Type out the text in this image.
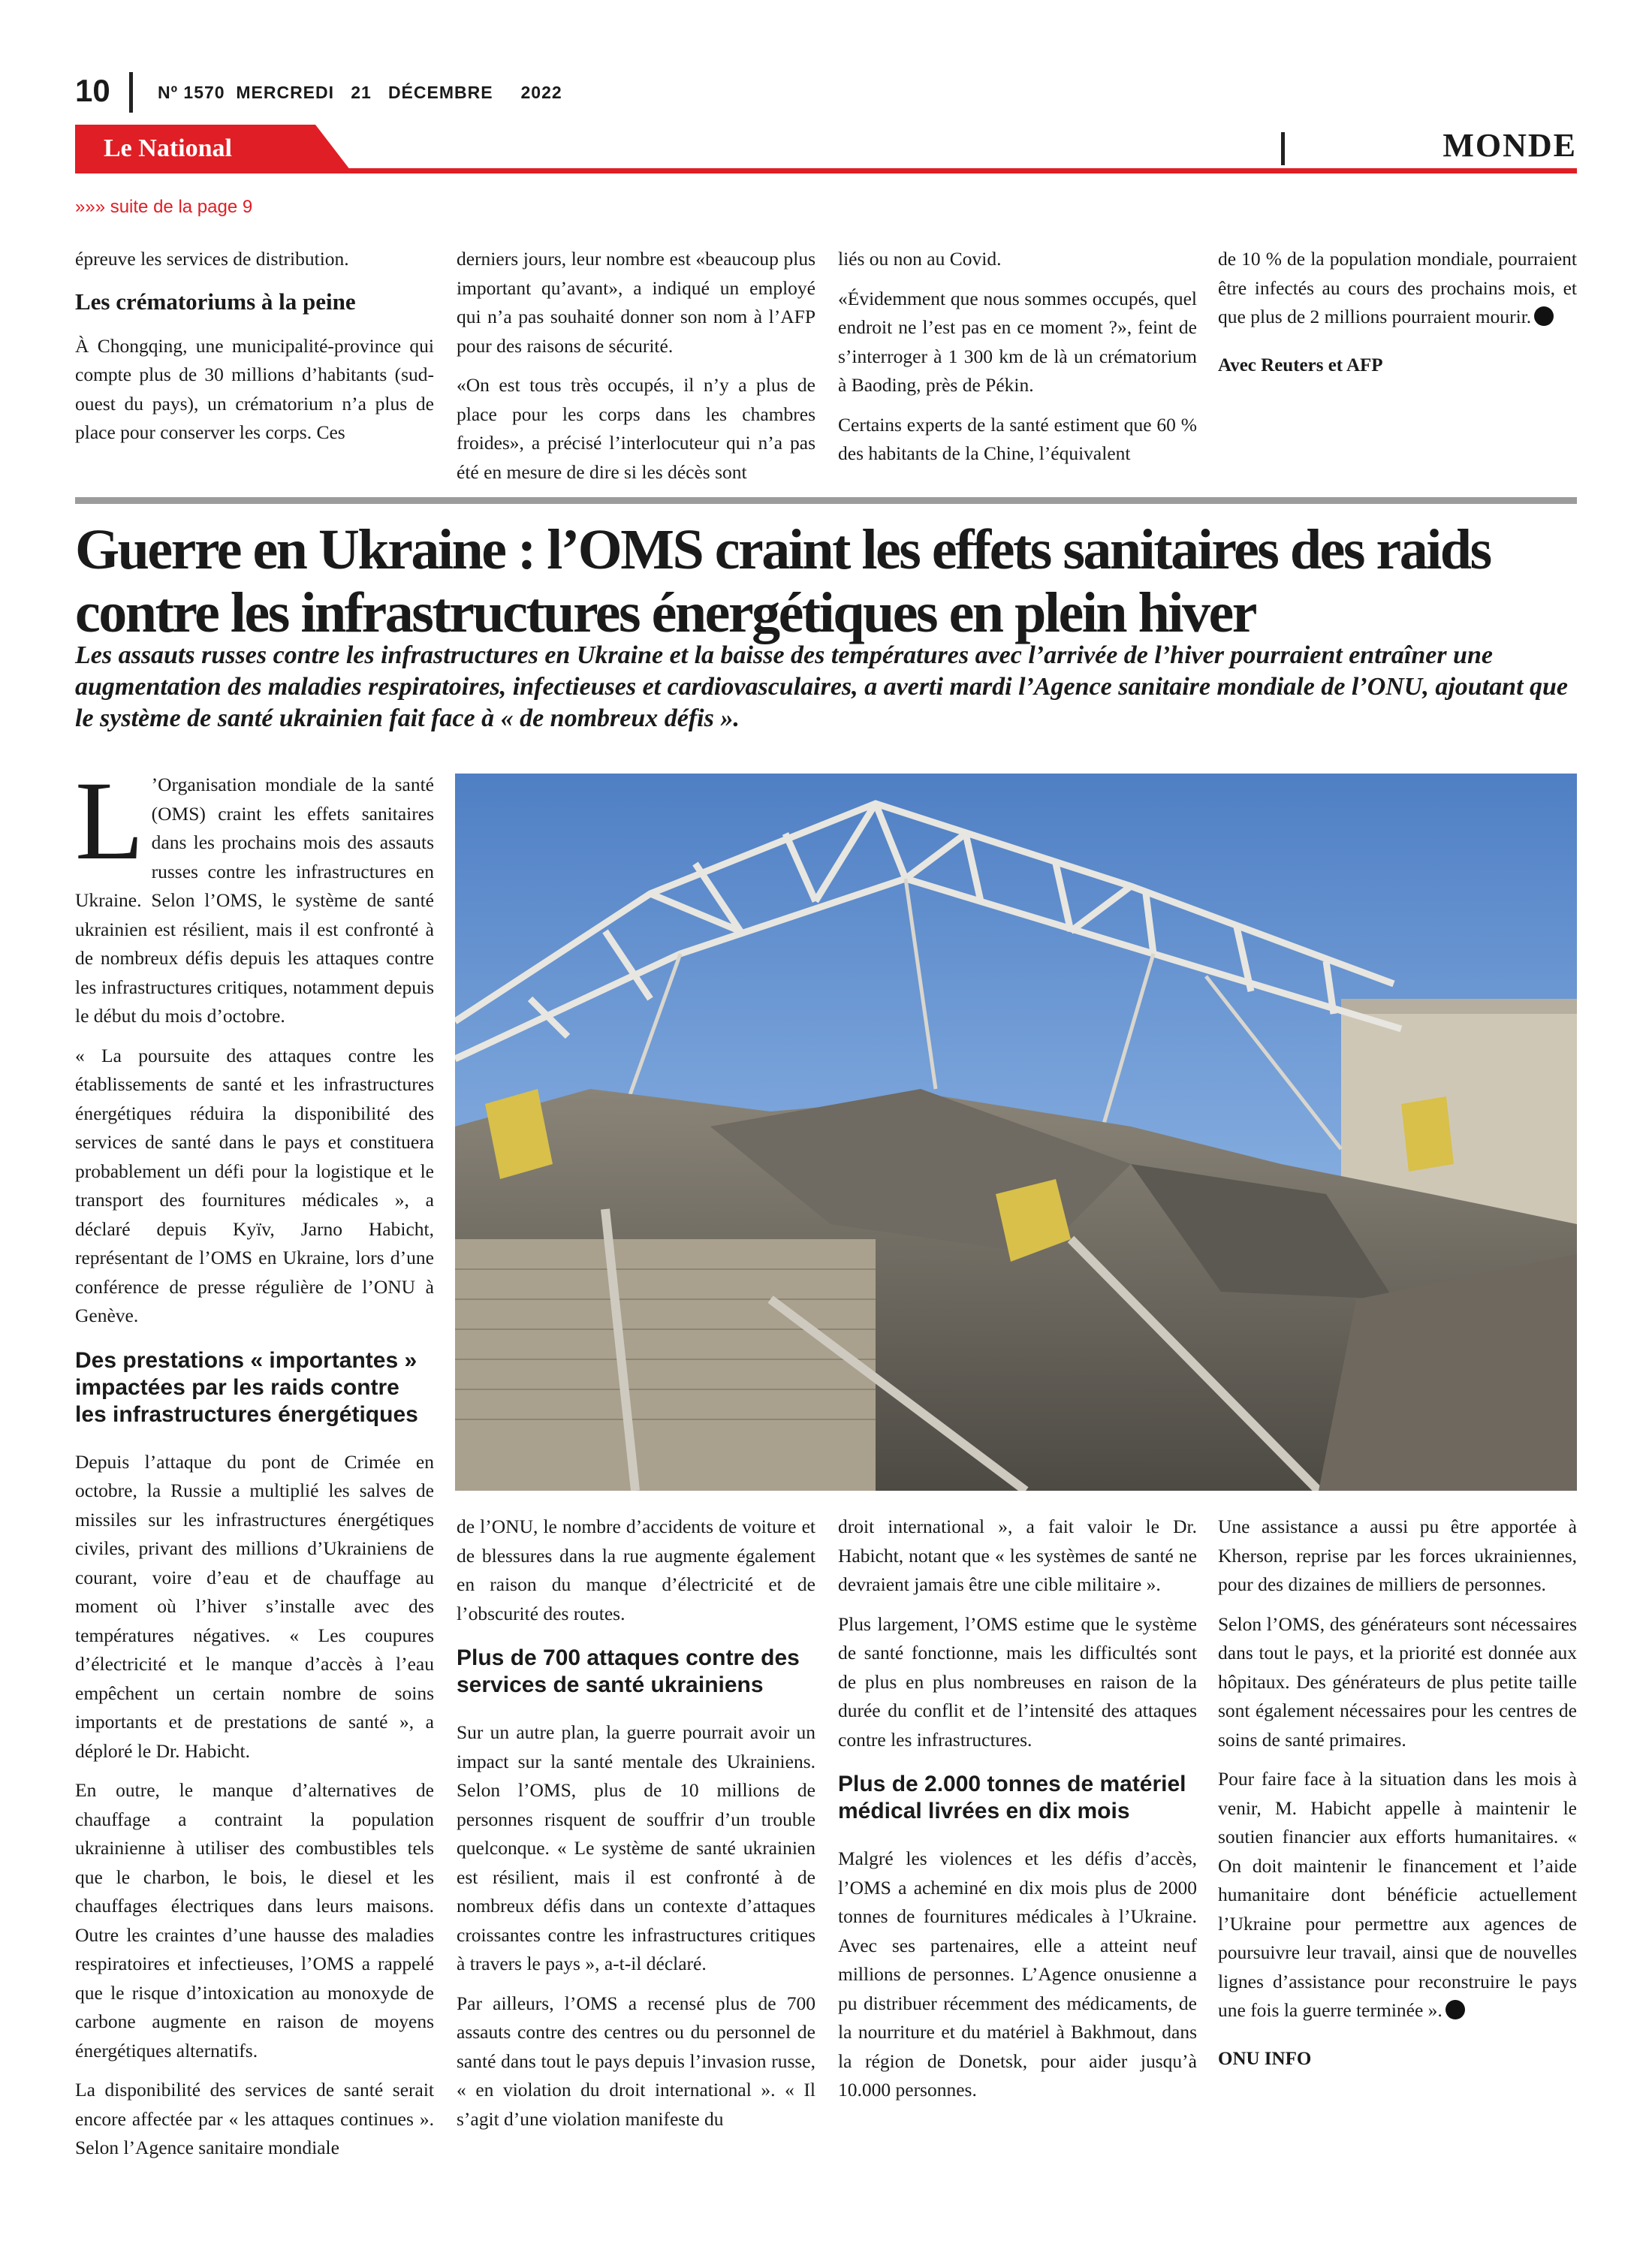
10	Nº 1570  MERCREDI   21   DÉCEMBRE     2022
Le National	MONDE
»»» suite de la page 9

épreuve les services de distribution.

Les crématoriums à la peine

À Chongqing, une municipalité-province qui compte plus de 30 millions d’habitants (sud-ouest du pays), un crématorium n’a plus de place pour conserver les corps. Ces

derniers jours, leur nombre est «beaucoup plus important qu’avant», a indiqué un employé qui n’a pas souhaité donner son nom à l’AFP pour des raisons de sécurité.

«On est tous très occupés, il n’y a plus de place pour les corps dans les chambres froides», a précisé l’interlocuteur qui n’a pas été en mesure de dire si les décès sont

liés ou non au Covid.

«Évidemment que nous sommes occupés, quel endroit ne l’est pas en ce moment ?», feint de s’interroger à 1 300 km de là un crématorium à Baoding, près de Pékin.

Certains experts de la santé estiment que 60 % des habitants de la Chine, l’équivalent

de 10 % de la population mondiale, pourraient être infectés au cours des prochains mois, et que plus de 2 millions pourraient mourir.

Avec Reuters et AFP
Guerre en Ukraine : l’OMS craint les effets sanitaires des raids contre les infrastructures énergétiques en plein hiver
Les assauts russes contre les infrastructures en Ukraine et la baisse des températures avec l’arrivée de l’hiver pourraient entraîner une augmentation des maladies respiratoires, infectieuses et cardiovasculaires, a averti mardi l’Agence sanitaire mondiale de l’ONU, ajoutant que le système de santé ukrainien fait face à « de nombreux défis ».

L ’Organisation mondiale de la santé (OMS) craint les effets sanitaires dans les prochains mois des assauts russes contre les infrastructures en Ukraine. Selon l’OMS, le système de santé ukrainien est résilient, mais il est confronté à de nombreux défis depuis les attaques contre les infrastructures critiques, notamment depuis le début du mois d’octobre.

« La poursuite des attaques contre les établissements de santé et les infrastructures énergétiques réduira la disponibilité des services de santé dans le pays et constituera probablement un défi pour la logistique et le transport des fournitures médicales », a déclaré depuis Kyïv, Jarno Habicht, représentant de l’OMS en Ukraine, lors d’une conférence de presse régulière de l’ONU à Genève.

Des prestations « importantes » impactées par les raids contre les infrastructures énergétiques

Depuis l’attaque du pont de Crimée en octobre, la Russie a multiplié les salves de missiles sur les infrastructures énergétiques civiles, privant des millions d’Ukrainiens de courant, voire d’eau et de chauffage au moment où l’hiver s’installe avec des températures négatives. « Les coupures d’électricité et le manque d’accès à l’eau empêchent un certain nombre de soins importants et de prestations de santé », a déploré le Dr. Habicht.

En outre, le manque d’alternatives de chauffage a contraint la population ukrainienne à utiliser des combustibles tels que le charbon, le bois, le diesel et les chauffages électriques dans leurs maisons. Outre les craintes d’une hausse des maladies respiratoires et infectieuses, l’OMS a rappelé que le risque d’intoxication au monoxyde de carbone augmente en raison de moyens énergétiques alternatifs.

La disponibilité des services de santé serait encore affectée par « les attaques continues ». Selon l’Agence sanitaire mondiale

de l’ONU, le nombre d’accidents de voiture et de blessures dans la rue augmente également en raison du manque d’électricité et de l’obscurité des routes.

Plus de 700 attaques contre des services de santé ukrainiens

Sur un autre plan, la guerre pourrait avoir un impact sur la santé mentale des Ukrainiens. Selon l’OMS, plus de 10 millions de personnes risquent de souffrir d’un trouble quelconque. « Le système de santé ukrainien est résilient, mais il est confronté à de nombreux défis dans un contexte d’attaques croissantes contre les infrastructures critiques à travers le pays », a-t-il déclaré.

Par ailleurs, l’OMS a recensé plus de 700 assauts contre des centres ou du personnel de santé dans tout le pays depuis l’invasion russe, « en violation du droit international ». « Il s’agit d’une violation manifeste du

droit international », a fait valoir le Dr. Habicht, notant que « les systèmes de santé ne devraient jamais être une cible militaire ».

Plus largement, l’OMS estime que le système de santé fonctionne, mais les difficultés sont de plus en plus nombreuses en raison de la durée du conflit et de l’intensité des attaques contre les infrastructures.

Plus de 2.000 tonnes de matériel médical livrées en dix mois

Malgré les violences et les défis d’accès, l’OMS a acheminé en dix mois plus de 2000 tonnes de fournitures médicales à l’Ukraine. Avec ses partenaires, elle a atteint neuf millions de personnes. L’Agence onusienne a pu distribuer récemment des médicaments, de la nourriture et du matériel à Bakhmout, dans la région de Donetsk, pour aider jusqu’à 10.000 personnes.

Une assistance a aussi pu être apportée à Kherson, reprise par les forces ukrainiennes, pour des dizaines de milliers de personnes.

Selon l’OMS, des générateurs sont nécessaires dans tout le pays, et la priorité est donnée aux hôpitaux. Des générateurs de plus petite taille sont également nécessaires pour les centres de soins de santé primaires.

Pour faire face à la situation dans les mois à venir, M. Habicht appelle à maintenir le soutien financier aux efforts humanitaires. « On doit maintenir le financement et l’aide humanitaire dont bénéficie actuellement l’Ukraine pour permettre aux agences de poursuivre leur travail, ainsi que de nouvelles lignes d’assistance pour reconstruire le pays une fois la guerre terminée ».

ONU INFO
